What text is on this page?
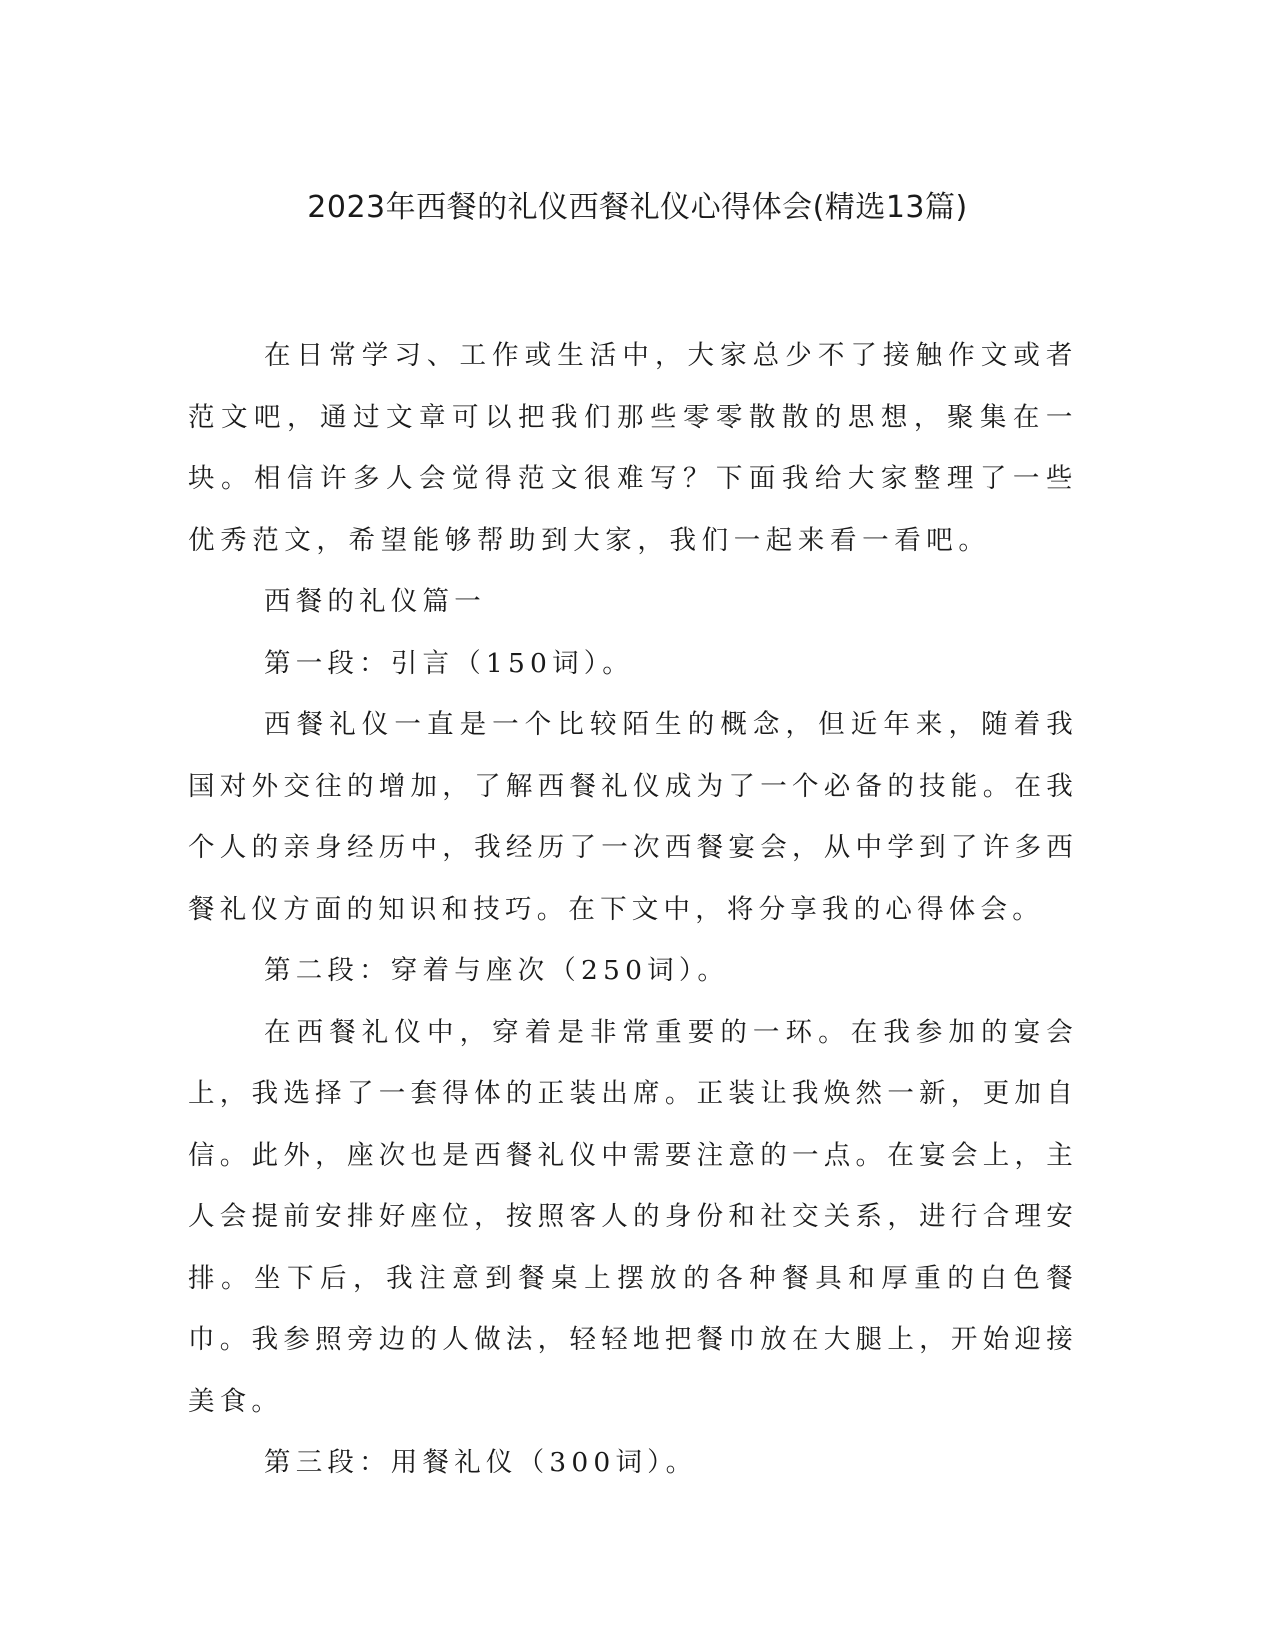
2023年西餐的礼仪西餐礼仪心得体会(精选13篇)

在日常学习、工作或生活中，大家总少不了接触作文或者范文吧，通过文章可以把我们那些零零散散的思想，聚集在一块。相信许多人会觉得范文很难写？下面我给大家整理了一些优秀范文，希望能够帮助到大家，我们一起来看一看吧。

西餐的礼仪篇一

第一段：引言（150词）。

西餐礼仪一直是一个比较陌生的概念，但近年来，随着我国对外交往的增加，了解西餐礼仪成为了一个必备的技能。在我个人的亲身经历中，我经历了一次西餐宴会，从中学到了许多西餐礼仪方面的知识和技巧。在下文中，将分享我的心得体会。

第二段：穿着与座次（250词）。

在西餐礼仪中，穿着是非常重要的一环。在我参加的宴会上，我选择了一套得体的正装出席。正装让我焕然一新，更加自信。此外，座次也是西餐礼仪中需要注意的一点。在宴会上，主人会提前安排好座位，按照客人的身份和社交关系，进行合理安排。坐下后，我注意到餐桌上摆放的各种餐具和厚重的白色餐巾。我参照旁边的人做法，轻轻地把餐巾放在大腿上，开始迎接美食。

第三段：用餐礼仪（300词）。
